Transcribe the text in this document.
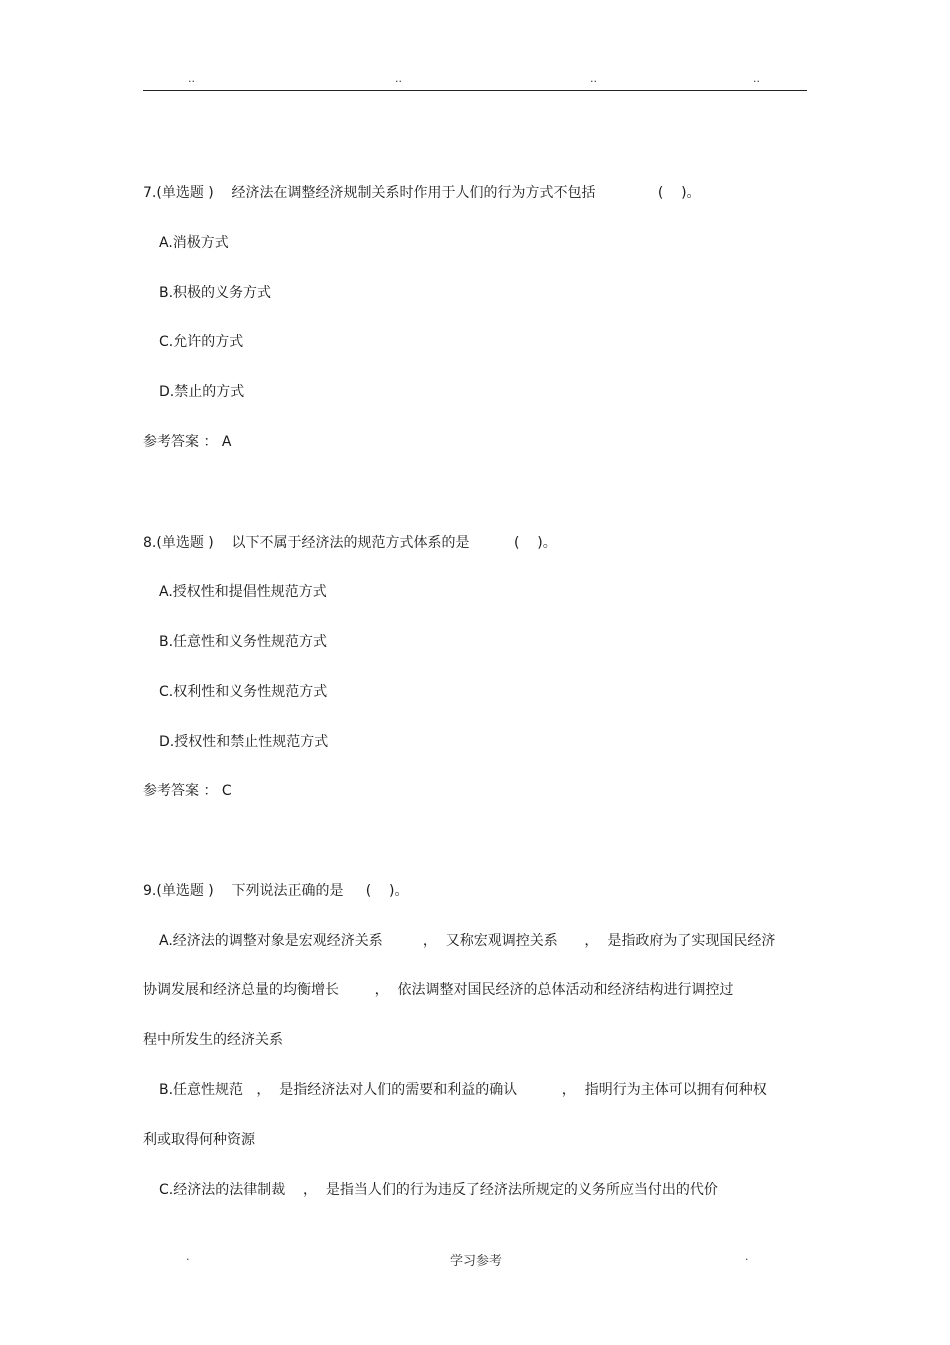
..	..	..	..
7.(单选题 )    经济法在调整经济规制关系时作用于人们的行为方式不包括              (    )。
A.消极方式
B.积极的义务方式
C.允许的方式
D.禁止的方式
参考答案 ： A
8.(单选题 )    以下不属于经济法的规范方式体系的是          (    )。
A.授权性和提倡性规范方式
B.任意性和义务性规范方式
C.权利性和义务性规范方式
D.授权性和禁止性规范方式
参考答案 ： C
9.(单选题 )    下列说法正确的是     (    )。
A.经济法的调整对象是宏观经济关系         ，  又称宏观调控关系      ，  是指政府为了实现国民经济
协调发展和经济总量的均衡增长        ，  依法调整对国民经济的总体活动和经济结构进行调控过
程中所发生的经济关系
B.任意性规范   ，  是指经济法对人们的需要和利益的确认          ，  指明行为主体可以拥有何种权
利或取得何种资源
C.经济法的法律制裁    ，  是指当人们的行为违反了经济法所规定的义务所应当付出的代价
.	学习参考	.
